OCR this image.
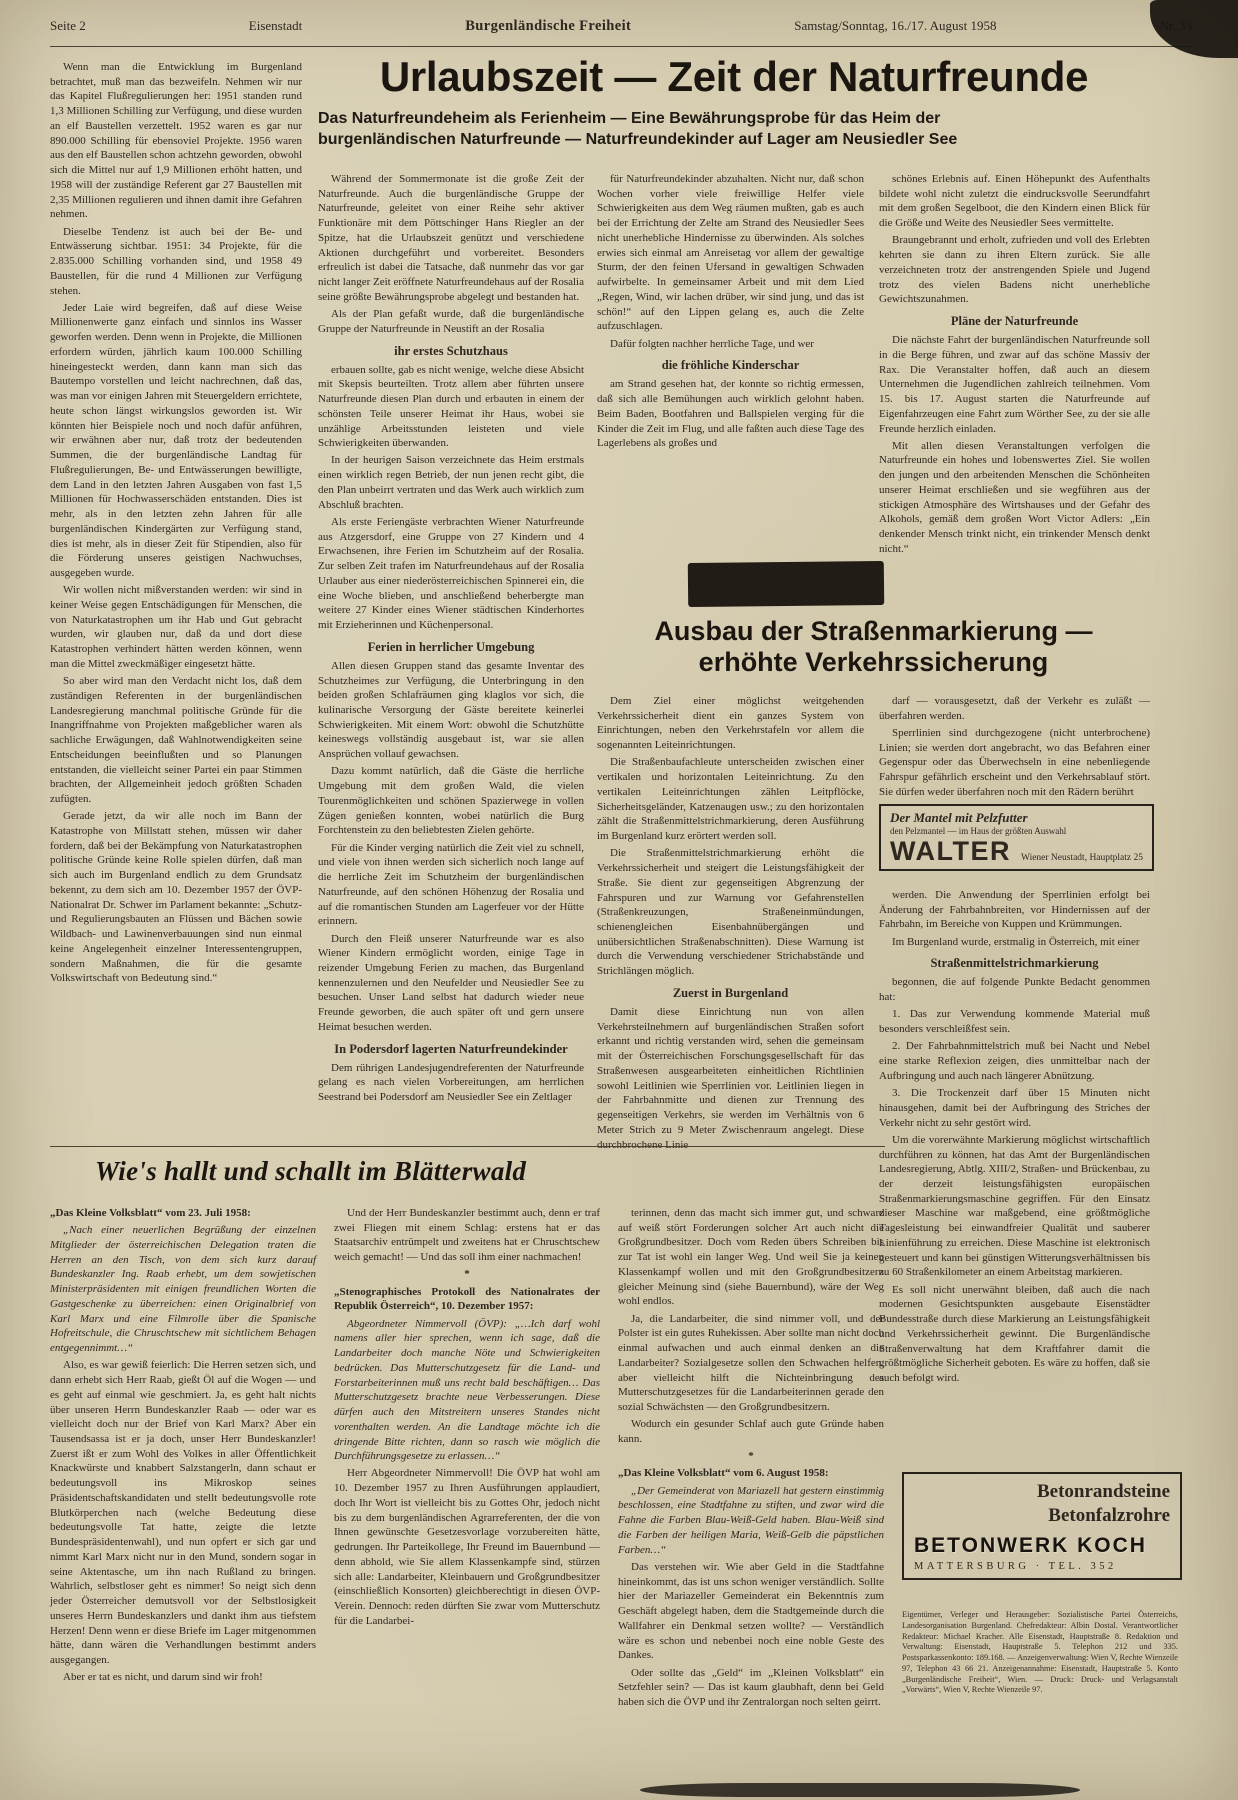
Seite 2	Eisenstadt	Burgenländische Freiheit	Samstag/Sonntag, 16./17. August 1958

Wenn man die Entwicklung im Burgenland betrachtet, muß man das bezweifeln. Nehmen wir nur das Kapitel Flußregulierungen her: 1951 standen rund 1,3 Millionen Schilling zur Verfügung, und diese wurden an elf Baustellen verzettelt. 1952 waren es gar nur 890.000 Schilling für ebensoviel Projekte. 1956 waren aus den elf Baustellen schon achtzehn geworden, obwohl sich die Mittel nur auf 1,9 Millionen erhöht hatten, und 1958 will der zuständige Referent gar 27 Baustellen mit 2,35 Millionen regulieren und ihnen damit ihre Gefahren nehmen.

Dieselbe Tendenz ist auch bei der Be- und Entwässerung sichtbar. 1951: 34 Projekte, für die 2.835.000 Schilling vorhanden sind, und 1958 49 Baustellen, für die rund 4 Millionen zur Verfügung stehen.

Jeder Laie wird begreifen, daß auf diese Weise Millionenwerte ganz einfach und sinnlos ins Wasser geworfen werden. Denn wenn in Projekte, die Millionen erfordern würden, jährlich kaum 100.000 Schilling hineingesteckt werden, dann kann man sich das Bautempo vorstellen und leicht nachrechnen, daß das, was man vor einigen Jahren mit Steuergeldern errichtete, heute schon längst wirkungslos geworden ist. Wir könnten hier Beispiele noch und noch dafür anführen, wir erwähnen aber nur, daß trotz der bedeutenden Summen, die der burgenländische Landtag für Flußregulierungen, Be- und Entwässerungen bewilligte, dem Land in den letzten Jahren Ausgaben von fast 1,5 Millionen für Hochwasserschäden entstanden. Dies ist mehr, als in den letzten zehn Jahren für alle burgenländischen Kindergärten zur Verfügung stand, dies ist mehr, als in dieser Zeit für Stipendien, also für die Förderung unseres geistigen Nachwuchses, ausgegeben wurde.

Wir wollen nicht mißverstanden werden: wir sind in keiner Weise gegen Entschädigungen für Menschen, die von Naturkatastrophen um ihr Hab und Gut gebracht wurden, wir glauben nur, daß da und dort diese Katastrophen verhindert hätten werden können, wenn man die Mittel zweckmäßiger eingesetzt hätte.

So aber wird man den Verdacht nicht los, daß dem zuständigen Referenten in der burgenländischen Landesregierung manchmal politische Gründe für die Inangriffnahme von Projekten maßgeblicher waren als sachliche Erwägungen, daß Wahlnotwendigkeiten seine Entscheidungen beeinflußten und so Planungen entstanden, die vielleicht seiner Partei ein paar Stimmen brachten, der Allgemeinheit jedoch größten Schaden zufügten.

Gerade jetzt, da wir alle noch im Bann der Katastrophe von Millstatt stehen, müssen wir daher fordern, daß bei der Bekämpfung von Naturkatastrophen politische Gründe keine Rolle spielen dürfen, daß man sich auch im Burgenland endlich zu dem Grundsatz bekennt, zu dem sich am 10. Dezember 1957 der ÖVP-Nationalrat Dr. Schwer im Parlament bekannte: „Schutz- und Regulierungsbauten an Flüssen und Bächen sowie Wildbach- und Lawinenverbauungen sind nun einmal keine Angelegenheit einzelner Interessentengruppen, sondern Maßnahmen, die für die gesamte Volkswirtschaft von Bedeutung sind.“

Urlaubszeit — Zeit der Naturfreunde
Das Naturfreundeheim als Ferienheim — Eine Bewährungsprobe für das Heim der
burgenländischen Naturfreunde — Naturfreundekinder auf Lager am Neusiedler See

Während der Sommermonate ist die große Zeit der Naturfreunde. Auch die burgenländische Gruppe der Naturfreunde, geleitet von einer Reihe sehr aktiver Funktionäre mit dem Pöttschinger Hans Riegler an der Spitze, hat die Urlaubszeit genützt und verschiedene Aktionen durchgeführt und vorbereitet. Besonders erfreulich ist dabei die Tatsache, daß nunmehr das vor gar nicht langer Zeit eröffnete Naturfreundehaus auf der Rosalia seine größte Bewährungsprobe abgelegt und bestanden hat.

Als der Plan gefaßt wurde, daß die burgenländische Gruppe der Naturfreunde in Neustift an der Rosalia

ihr erstes Schutzhaus

erbauen sollte, gab es nicht wenige, welche diese Absicht mit Skepsis beurteilten. Trotz allem aber führten unsere Naturfreunde diesen Plan durch und erbauten in einem der schönsten Teile unserer Heimat ihr Haus, wobei sie unzählige Arbeitsstunden leisteten und viele Schwierigkeiten überwanden.

In der heurigen Saison verzeichnete das Heim erstmals einen wirklich regen Betrieb, der nun jenen recht gibt, die den Plan unbeirrt vertraten und das Werk auch wirklich zum Abschluß brachten.

Als erste Feriengäste verbrachten Wiener Naturfreunde aus Atzgersdorf, eine Gruppe von 27 Kindern und 4 Erwachsenen, ihre Ferien im Schutzheim auf der Rosalia. Zur selben Zeit trafen im Naturfreundehaus auf der Rosalia Urlauber aus einer niederösterreichischen Spinnerei ein, die eine Woche blieben, und anschließend beherbergte man weitere 27 Kinder eines Wiener städtischen Kinderhortes mit Erzieherinnen und Küchenpersonal.

Ferien in herrlicher Umgebung

Allen diesen Gruppen stand das gesamte Inventar des Schutzheimes zur Verfügung, die Unterbringung in den beiden großen Schlafräumen ging klaglos vor sich, die kulinarische Versorgung der Gäste bereitete keinerlei Schwierigkeiten. Mit einem Wort: obwohl die Schutzhütte keineswegs vollständig ausgebaut ist, war sie allen Ansprüchen vollauf gewachsen.

Dazu kommt natürlich, daß die Gäste die herrliche Umgebung mit dem großen Wald, die vielen Tourenmöglichkeiten und schönen Spazierwege in vollen Zügen genießen konnten, wobei natürlich die Burg Forchtenstein zu den beliebtesten Zielen gehörte.

Für die Kinder verging natürlich die Zeit viel zu schnell, und viele von ihnen werden sich sicherlich noch lange auf die herrliche Zeit im Schutzheim der burgenländischen Naturfreunde, auf den schönen Höhenzug der Rosalia und auf die romantischen Stunden am Lagerfeuer vor der Hütte erinnern.

Durch den Fleiß unserer Naturfreunde war es also Wiener Kindern ermöglicht worden, einige Tage in reizender Umgebung Ferien zu machen, das Burgenland kennenzulernen und den Neufelder und Neusiedler See zu besuchen. Unser Land selbst hat dadurch wieder neue Freunde geworben, die auch später oft und gern unsere Heimat besuchen werden.

In Podersdorf lagerten Naturfreundekinder

Dem rührigen Landesjugendreferenten der Naturfreunde gelang es nach vielen Vorbereitungen, am herrlichen Seestrand bei Podersdorf am Neusiedler See ein Zeltlager

für Naturfreundekinder abzuhalten. Nicht nur, daß schon Wochen vorher viele freiwillige Helfer viele Schwierigkeiten aus dem Weg räumen mußten, gab es auch bei der Errichtung der Zelte am Strand des Neusiedler Sees nicht unerhebliche Hindernisse zu überwinden. Als solches erwies sich einmal am Anreisetag vor allem der gewaltige Sturm, der den feinen Ufersand in gewaltigen Schwaden aufwirbelte. In gemeinsamer Arbeit und mit dem Lied „Regen, Wind, wir lachen drüber, wir sind jung, und das ist schön!“ auf den Lippen gelang es, auch die Zelte aufzuschlagen.

Dafür folgten nachher herrliche Tage, und wer

die fröhliche Kinderschar

am Strand gesehen hat, der konnte so richtig ermessen, daß sich alle Bemühungen auch wirklich gelohnt haben. Beim Baden, Bootfahren und Ballspielen verging für die Kinder die Zeit im Flug, und alle faßten auch diese Tage des Lagerlebens als großes und

schönes Erlebnis auf. Einen Höhepunkt des Aufenthalts bildete wohl nicht zuletzt die eindrucksvolle Seerundfahrt mit dem großen Segelboot, die den Kindern einen Blick für die Größe und Weite des Neusiedler Sees vermittelte.

Braungebrannt und erholt, zufrieden und voll des Erlebten kehrten sie dann zu ihren Eltern zurück. Sie alle verzeichneten trotz der anstrengenden Spiele und Jugend trotz des vielen Badens nicht unerhebliche Gewichtszunahmen.

Pläne der Naturfreunde

Die nächste Fahrt der burgenländischen Naturfreunde soll in die Berge führen, und zwar auf das schöne Massiv der Rax. Die Veranstalter hoffen, daß auch an diesem Unternehmen die Jugendlichen zahlreich teilnehmen. Vom 15. bis 17. August starten die Naturfreunde auf Eigenfahrzeugen eine Fahrt zum Wörther See, zu der sie alle Freunde herzlich einladen.

Mit allen diesen Veranstaltungen verfolgen die Naturfreunde ein hohes und lobenswertes Ziel. Sie wollen den jungen und den arbeitenden Menschen die Schönheiten unserer Heimat erschließen und sie wegführen aus der stickigen Atmosphäre des Wirtshauses und der Gefahr des Alkohols, gemäß dem großen Wort Victor Adlers: „Ein denkender Mensch trinkt nicht, ein trinkender Mensch denkt nicht.“

Ausbau der Straßenmarkierung —
erhöhte Verkehrssicherung

Dem Ziel einer möglichst weitgehenden Verkehrssicherheit dient ein ganzes System von Einrichtungen, neben den Verkehrstafeln vor allem die sogenannten Leiteinrichtungen.

Die Straßenbaufachleute unterscheiden zwischen einer vertikalen und horizontalen Leiteinrichtung. Zu den vertikalen Leiteinrichtungen zählen Leitpflöcke, Sicherheitsgeländer, Katzenaugen usw.; zu den horizontalen zählt die Straßenmittelstrichmarkierung, deren Ausführung im Burgenland kurz erörtert werden soll.

Die Straßenmittelstrichmarkierung erhöht die Verkehrssicherheit und steigert die Leistungsfähigkeit der Straße. Sie dient zur gegenseitigen Abgrenzung der Fahrspuren und zur Warnung vor Gefahrenstellen (Straßenkreuzungen, Straßeneinmündungen, schienengleichen Eisenbahnübergängen und unübersichtlichen Straßenabschnitten). Diese Warnung ist durch die Verwendung verschiedener Strichabstände und Strichlängen möglich.

Zuerst in Burgenland

Damit diese Einrichtung nun von allen Verkehrsteilnehmern auf burgenländischen Straßen sofort erkannt und richtig verstanden wird, sehen die gemeinsam mit der Österreichischen Forschungsgesellschaft für das Straßenwesen ausgearbeiteten einheitlichen Richtlinien sowohl Leitlinien wie Sperrlinien vor. Leitlinien liegen in der Fahrbahnmitte und dienen zur Trennung des gegenseitigen Verkehrs, sie werden im Verhältnis von 6 Meter Strich zu 9 Meter Zwischenraum angelegt. Diese durchbrochene Linie

darf — vorausgesetzt, daß der Verkehr es zuläßt — überfahren werden.

Sperrlinien sind durchgezogene (nicht unterbrochene) Linien; sie werden dort angebracht, wo das Befahren einer Gegenspur oder das Überwechseln in eine nebenliegende Fahrspur gefährlich erscheint und den Verkehrsablauf stört. Sie dürfen weder überfahren noch mit den Rädern berührt

Der Mantel mit Pelzfutter
den Pelzmantel — im Haus der größten Auswahl
WALTER Wiener Neustadt, Hauptplatz 25

werden. Die Anwendung der Sperrlinien erfolgt bei Änderung der Fahrbahnbreiten, vor Hindernissen auf der Fahrbahn, im Bereiche von Kuppen und Krümmungen.

Im Burgenland wurde, erstmalig in Österreich, mit einer

Straßenmittelstrichmarkierung

begonnen, die auf folgende Punkte Bedacht genommen hat:

1. Das zur Verwendung kommende Material muß besonders verschleißfest sein.

2. Der Fahrbahnmittelstrich muß bei Nacht und Nebel eine starke Reflexion zeigen, dies unmittelbar nach der Aufbringung und auch nach längerer Abnützung.

3. Die Trockenzeit darf über 15 Minuten nicht hinausgehen, damit bei der Aufbringung des Striches der Verkehr nicht zu sehr gestört wird.

Um die vorerwähnte Markierung möglichst wirtschaftlich durchführen zu können, hat das Amt der Burgenländischen Landesregierung, Abtlg. XIII/2, Straßen- und Brückenbau, zu der derzeit leistungsfähigsten europäischen Straßenmarkierungsmaschine gegriffen. Für den Einsatz dieser Maschine war maßgebend, eine größtmögliche Tagesleistung bei einwandfreier Qualität und sauberer Linienführung zu erreichen. Diese Maschine ist elektronisch gesteuert und kann bei günstigen Witterungsverhältnissen bis zu 60 Straßenkilometer an einem Arbeitstag markieren.

Es soll nicht unerwähnt bleiben, daß auch die nach modernen Gesichtspunkten ausgebaute Eisenstädter Bundesstraße durch diese Markierung an Leistungsfähigkeit und Verkehrssicherheit gewinnt. Die Burgenländische Straßenverwaltung hat dem Kraftfahrer damit die größtmögliche Sicherheit geboten. Es wäre zu hoffen, daß sie auch befolgt wird.

Wie's hallt und schallt im Blätterwald

„Das Kleine Volksblatt“ vom 23. Juli 1958:

„Nach einer neuerlichen Begrüßung der einzelnen Mitglieder der österreichischen Delegation traten die Herren an den Tisch, von dem sich kurz darauf Bundeskanzler Ing. Raab erhebt, um dem sowjetischen Ministerpräsidenten mit einigen freundlichen Worten die Gastgeschenke zu überreichen: einen Originalbrief von Karl Marx und eine Filmrolle über die Spanische Hofreitschule, die Chruschtschew mit sichtlichem Behagen entgegennimmt…“

Also, es war gewiß feierlich: Die Herren setzen sich, und dann erhebt sich Herr Raab, gießt Öl auf die Wogen — und es geht auf einmal wie geschmiert. Ja, es geht halt nichts über unseren Herrn Bundeskanzler Raab — oder war es vielleicht doch nur der Brief von Karl Marx? Aber ein Tausendsassa ist er ja doch, unser Herr Bundeskanzler! Zuerst ißt er zum Wohl des Volkes in aller Öffentlichkeit Knackwürste und knabbert Salzstangerln, dann schaut er bedeutungsvoll ins Mikroskop seines Präsidentschaftskandidaten und stellt bedeutungsvolle rote Blutkörperchen nach (welche Bedeutung diese bedeutungsvolle Tat hatte, zeigte die letzte Bundespräsidentenwahl), und nun opfert er sich gar und nimmt Karl Marx nicht nur in den Mund, sondern sogar in seine Aktentasche, um ihn nach Rußland zu bringen. Wahrlich, selbstloser geht es nimmer! So neigt sich denn jeder Österreicher demutsvoll vor der Selbstlosigkeit unseres Herrn Bundeskanzlers und dankt ihm aus tiefstem Herzen! Denn wenn er diese Briefe im Lager mitgenommen hätte, dann wären die Verhandlungen bestimmt anders ausgegangen.

Aber er tat es nicht, und darum sind wir froh!

Und der Herr Bundeskanzler bestimmt auch, denn er traf zwei Fliegen mit einem Schlag: erstens hat er das Staatsarchiv entrümpelt und zweitens hat er Chruschtschew weich gemacht! — Und das soll ihm einer nachmachen!

*

„Stenographisches Protokoll des Nationalrates der Republik Österreich“, 10. Dezember 1957:

Abgeordneter Nimmervoll (ÖVP): „…Ich darf wohl namens aller hier sprechen, wenn ich sage, daß die Landarbeiter doch manche Nöte und Schwierigkeiten bedrücken. Das Mutterschutzgesetz für die Land- und Forstarbeiterinnen muß uns recht bald beschäftigen… Das Mutterschutzgesetz brachte neue Verbesserungen. Diese dürfen auch den Mitstreitern unseres Standes nicht vorenthalten werden. An die Landtage möchte ich die dringende Bitte richten, dann so rasch wie möglich die Durchführungsgesetze zu erlassen…“

Herr Abgeordneter Nimmervoll! Die ÖVP hat wohl am 10. Dezember 1957 zu Ihren Ausführungen applaudiert, doch Ihr Wort ist vielleicht bis zu Gottes Ohr, jedoch nicht bis zu dem burgenländischen Agrarreferenten, der die von Ihnen gewünschte Gesetzesvorlage vorzubereiten hätte, gedrungen. Ihr Parteikollege, Ihr Freund im Bauernbund — denn abhold, wie Sie allem Klassenkampfe sind, stürzen sich alle: Landarbeiter, Kleinbauern und Großgrundbesitzer (einschließlich Konsorten) gleichberechtigt in diesen ÖVP-Verein. Dennoch: reden dürften Sie zwar vom Mutterschutz für die Landarbei-

terinnen, denn das macht sich immer gut, und schwarz auf weiß stört Forderungen solcher Art auch nicht die Großgrundbesitzer. Doch vom Reden übers Schreiben bis zur Tat ist wohl ein langer Weg. Und weil Sie ja keinen Klassenkampf wollen und mit den Großgrundbesitzern gleicher Meinung sind (siehe Bauernbund), wäre der Weg wohl endlos.

Ja, die Landarbeiter, die sind nimmer voll, und der Polster ist ein gutes Ruhekissen. Aber sollte man nicht doch einmal aufwachen und auch einmal denken an die Landarbeiter? Sozialgesetze sollen den Schwachen helfen, aber vielleicht hilft die Nichteinbringung des Mutterschutzgesetzes für die Landarbeiterinnen gerade den sozial Schwächsten — den Großgrundbesitzern.

Wodurch ein gesunder Schlaf auch gute Gründe haben kann.

*

„Das Kleine Volksblatt“ vom 6. August 1958:

„Der Gemeinderat von Mariazell hat gestern einstimmig beschlossen, eine Stadtfahne zu stiften, und zwar wird die Fahne die Farben Blau-Weiß-Geld haben. Blau-Weiß sind die Farben der heiligen Maria, Weiß-Gelb die päpstlichen Farben…“

Das verstehen wir. Wie aber Geld in die Stadtfahne hineinkommt, das ist uns schon weniger verständlich. Sollte hier der Mariazeller Gemeinderat ein Bekenntnis zum Geschäft abgelegt haben, dem die Stadtgemeinde durch die Wallfahrer ein Denkmal setzen wollte? — Verständlich wäre es schon und nebenbei noch eine noble Geste des Dankes.

Oder sollte das „Geld“ im „Kleinen Volksblatt“ ein Setzfehler sein? — Das ist kaum glaubhaft, denn bei Geld haben sich die ÖVP und ihr Zentralorgan noch selten geirrt.

Betonrandsteine
Betonfalzrohre
BETONWERK KOCH
MATTERSBURG · TEL. 352
Eigentümer, Verleger und Herausgeber: Sozialistische Partei Österreichs, Landesorganisation Burgenland. Chefredakteur: Albin Dostal. Verantwortlicher Redakteur: Michael Kracher. Alle Eisenstadt, Hauptstraße 8. Redaktion und Verwaltung: Eisenstadt, Hauptstraße 5. Telephon 212 und 335. Postsparkassenkonto: 189.168. — Anzeigenverwaltung: Wien V, Rechte Wienzeile 97, Telephon 43 66 21. Anzeigenannahme: Eisenstadt, Hauptstraße 5. Konto „Burgenländische Freiheit“, Wien. — Druck: Druck- und Verlagsanstalt „Vorwärts“, Wien V, Rechte Wienzeile 97.
